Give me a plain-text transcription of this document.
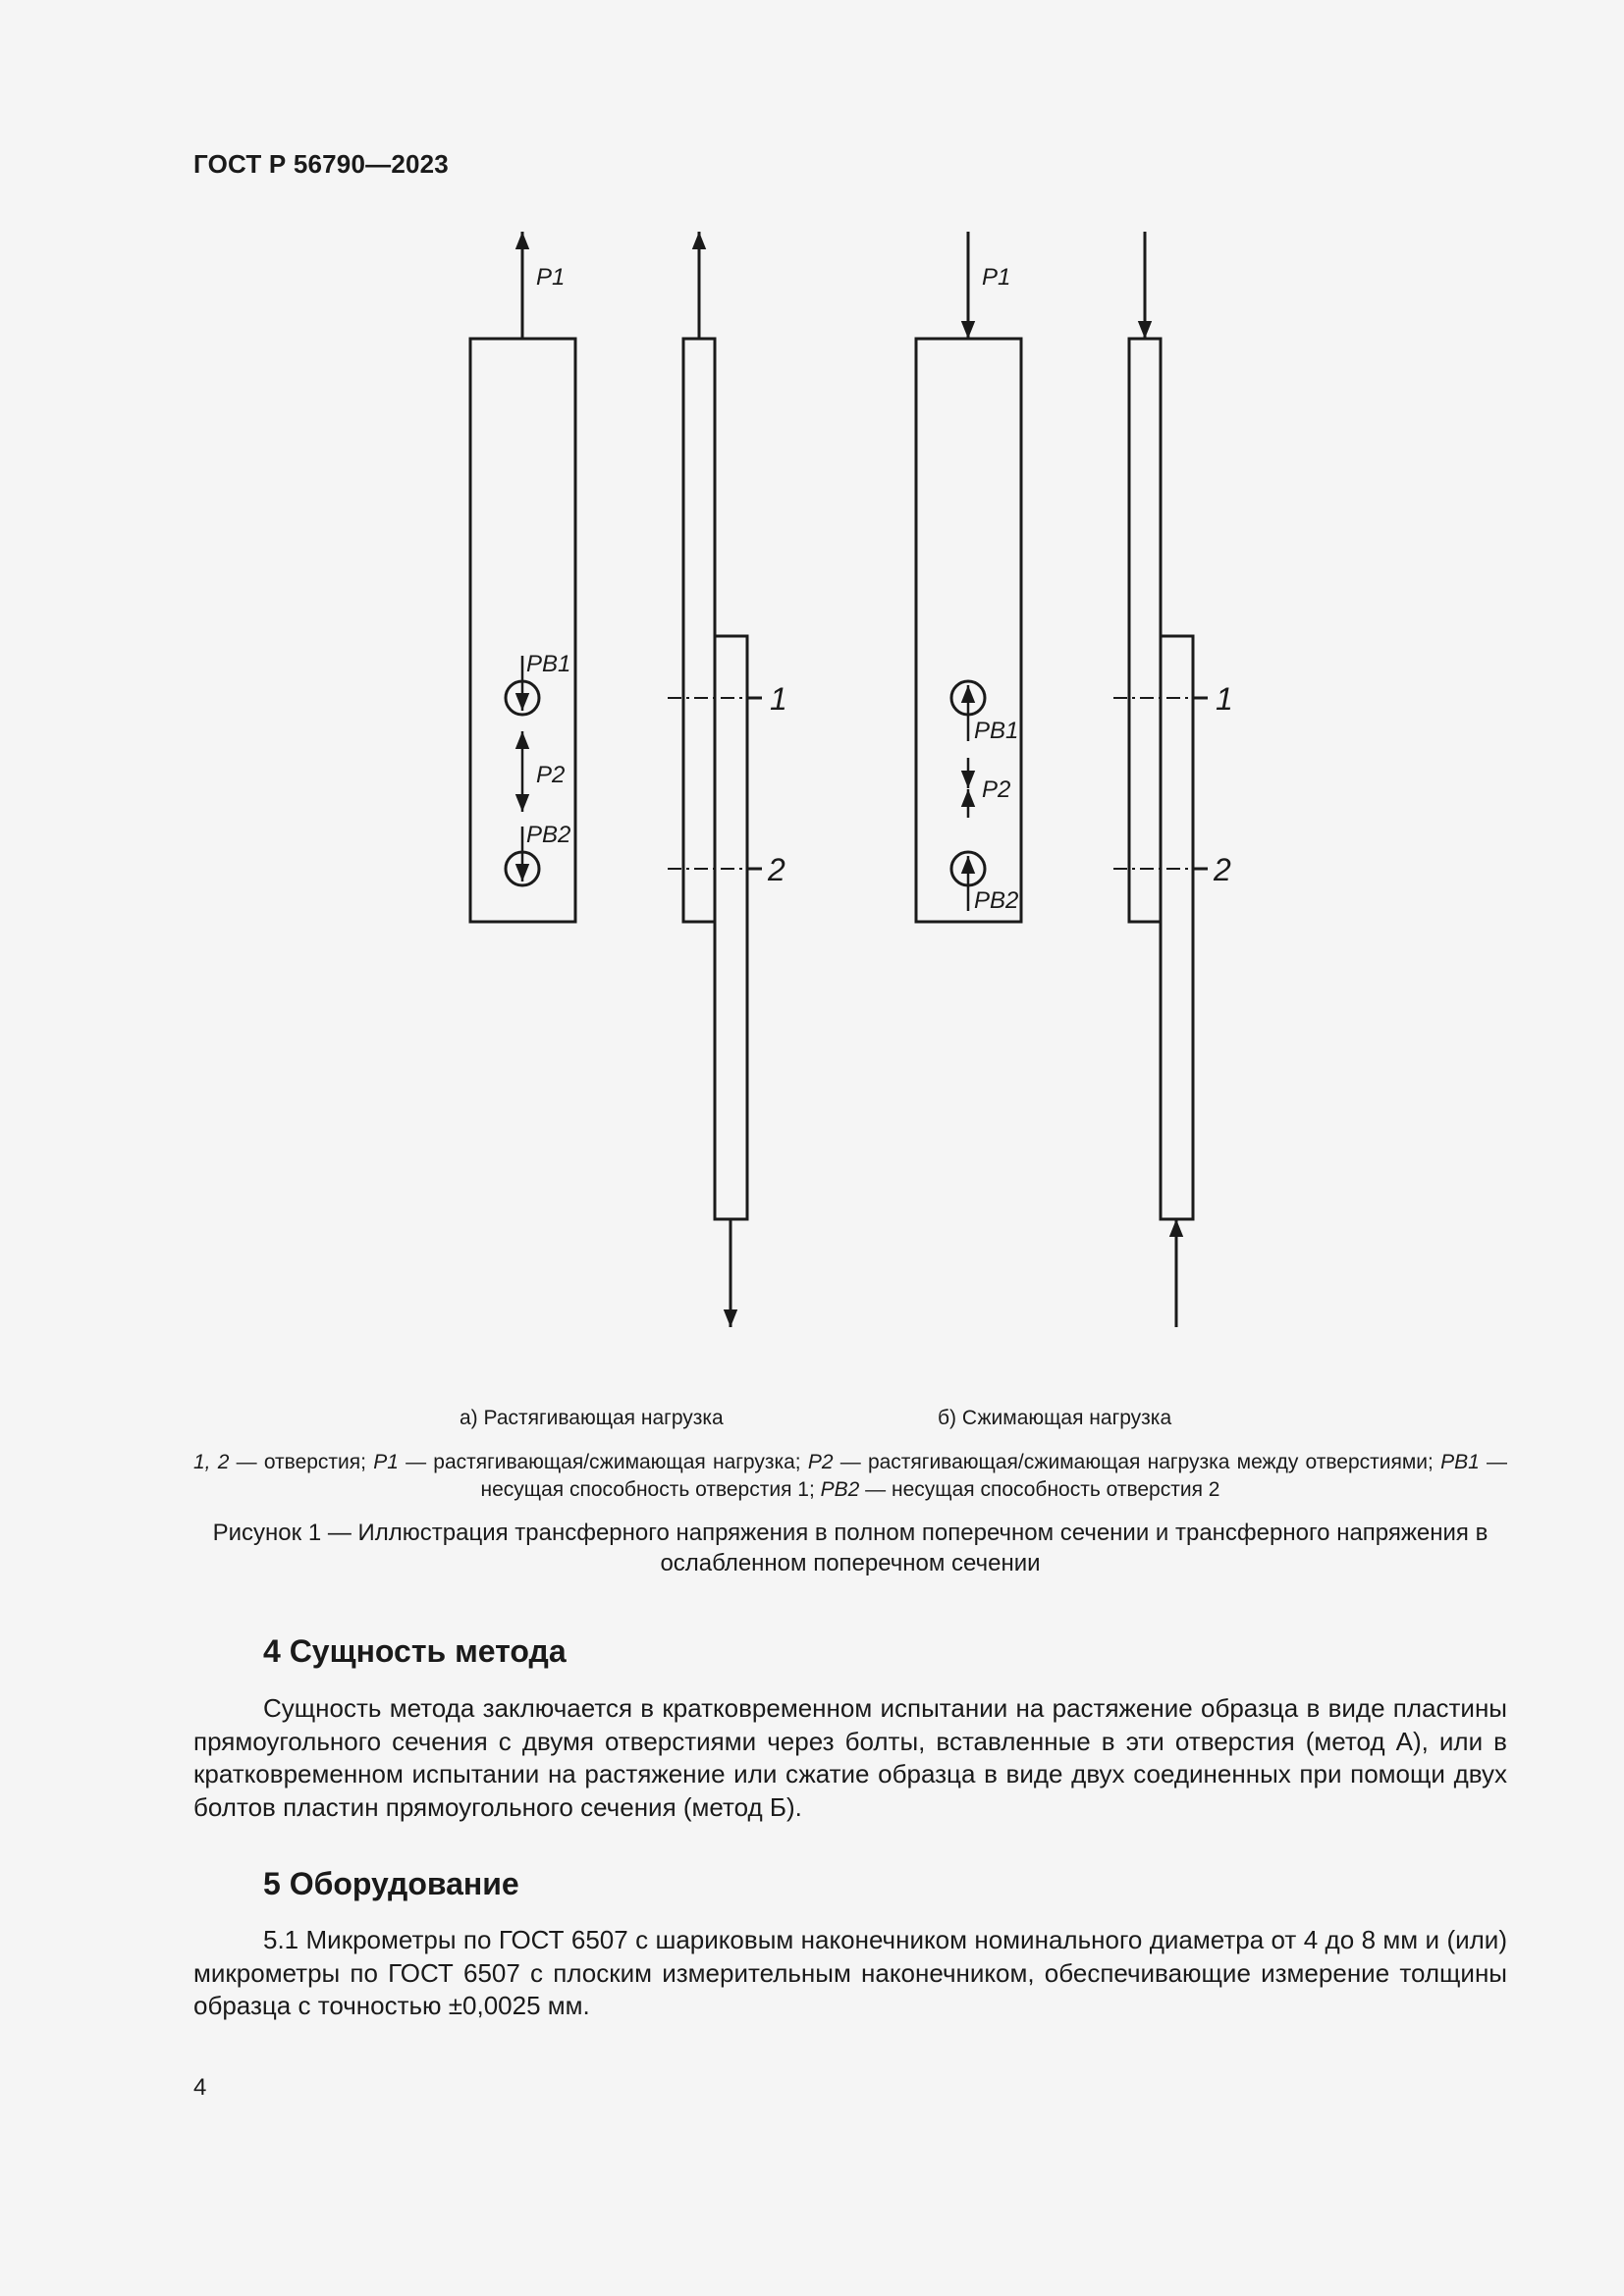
ГОСТ Р 56790—2023
P1
PB1
P2
PB2
1
2
P1
PB1
P2
PB2
1
2
а) Растягивающая нагрузка	б) Сжимающая нагрузка
1, 2 — отверстия; P1 — растягивающая/сжимающая нагрузка; P2 — растягивающая/сжимающая нагрузка между отверстиями; PB1 — несущая способность отверстия 1; PB2 — несущая способность отверстия 2
Рисунок 1 — Иллюстрация трансферного напряжения в полном поперечном сечении и трансферного напряжения в ослабленном поперечном сечении
4 Сущность метода
Сущность метода заключается в кратковременном испытании на растяжение образца в виде пластины прямоугольного сечения с двумя отверстиями через болты, вставленные в эти отверстия (метод А), или в кратковременном испытании на растяжение или сжатие образца в виде двух соединенных при помощи двух болтов пластин прямоугольного сечения (метод Б).
5 Оборудование
5.1 Микрометры по ГОСТ 6507 с шариковым наконечником номинального диаметра от 4 до 8 мм и (или) микрометры по ГОСТ 6507 с плоским измерительным наконечником, обеспечивающие измерение толщины образца с точностью ±0,0025 мм.
4
